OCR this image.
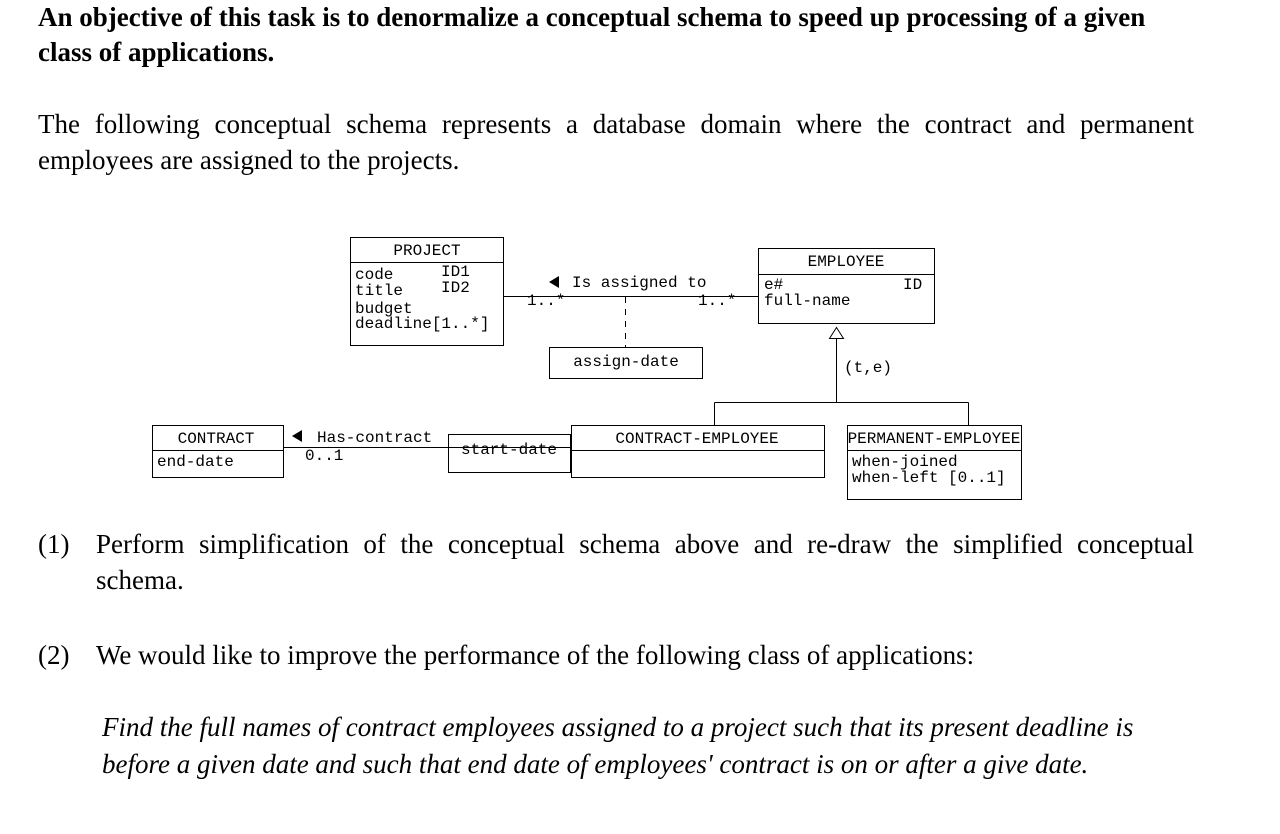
An objective of this task is to denormalize a conceptual schema to speed up processing of a given class of applications.
The following conceptual schema represents a database domain where the contract and permanent employees are assigned to the projects.
PROJECT
code	ID1
title ID2
budget
deadline[1..*]
EMPLOYEE
e#	ID
full-name
Is assigned to
1..*	1..*
assign-date	(t,e)
CONTRACT
end-date
Has-contract
0..1	start-date
CONTRACT-EMPLOYEE	PERMANENT-EMPLOYEE
when-joined
when-left [0..1]
(1) Perform simplification of the conceptual schema above and re-draw the simplified conceptual schema.
(2) We would like to improve the performance of the following class of applications:
Find the full names of contract employees assigned to a project such that its present deadline is before a given date and such that end date of employees' contract is on or after a give date.
